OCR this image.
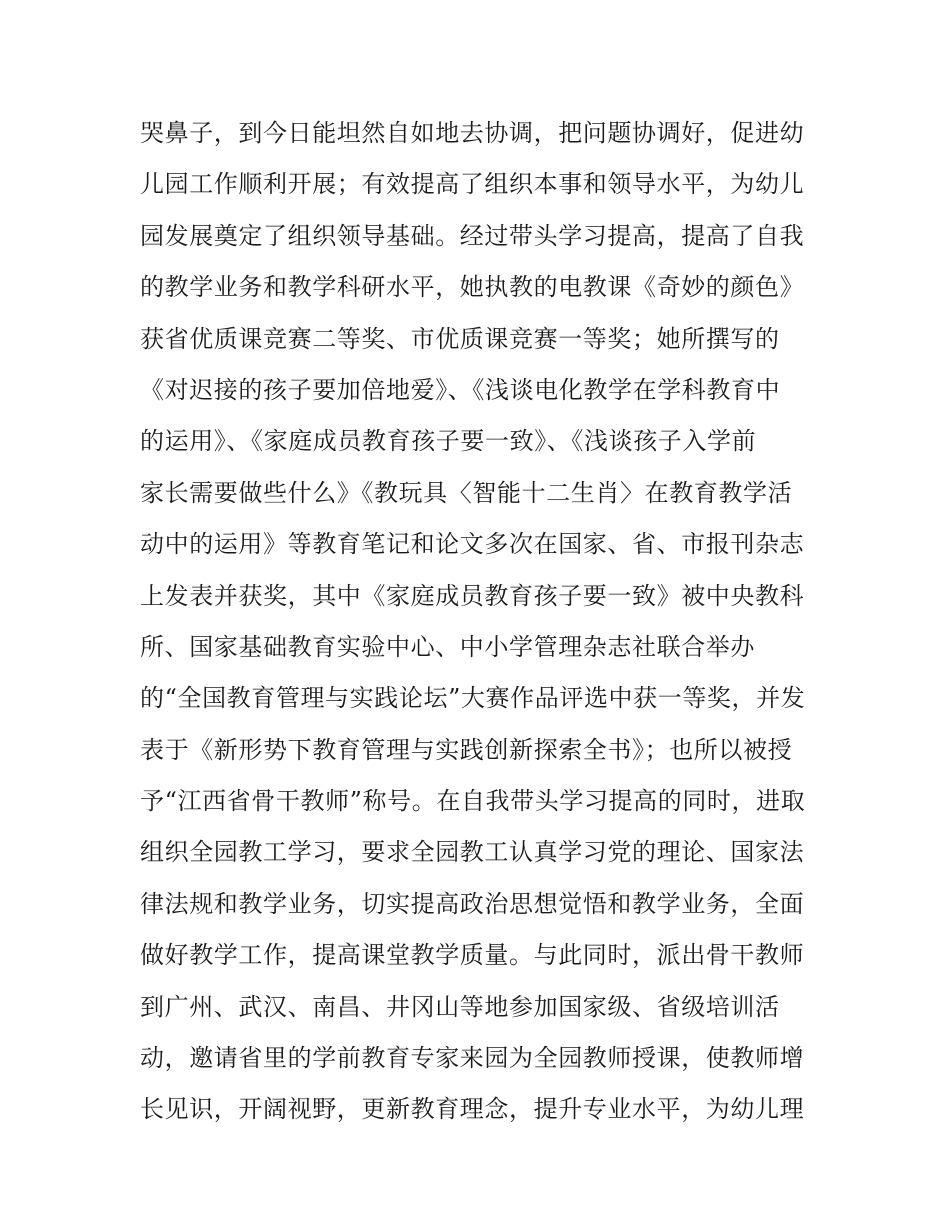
哭鼻子，到今日能坦然自如地去协调，把问题协调好，促进幼
儿园工作顺利开展；有效提高了组织本事和领导水平，为幼儿
园发展奠定了组织领导基础。经过带头学习提高，提高了自我
的教学业务和教学科研水平，她执教的电教课《奇妙的颜色》
获省优质课竞赛二等奖、市优质课竞赛一等奖；她所撰写的
《对迟接的孩子要加倍地爱》、《浅谈电化教学在学科教育中
的运用》、《家庭成员教育孩子要一致》、《浅谈孩子入学前
家长需要做些什么》《教玩具〈智能十二生肖〉在教育教学活
动中的运用》等教育笔记和论文多次在国家、省、市报刊杂志
上发表并获奖，其中《家庭成员教育孩子要一致》被中央教科
所、国家基础教育实验中心、中小学管理杂志社联合举办
的“全国教育管理与实践论坛”大赛作品评选中获一等奖，并发
表于《新形势下教育管理与实践创新探索全书》；也所以被授
予“江西省骨干教师”称号。在自我带头学习提高的同时，进取
组织全园教工学习，要求全园教工认真学习党的理论、国家法
律法规和教学业务，切实提高政治思想觉悟和教学业务，全面
做好教学工作，提高课堂教学质量。与此同时，派出骨干教师
到广州、武汉、南昌、井冈山等地参加国家级、省级培训活
动，邀请省里的学前教育专家来园为全园教师授课，使教师增
长见识，开阔视野，更新教育理念，提升专业水平，为幼儿理
